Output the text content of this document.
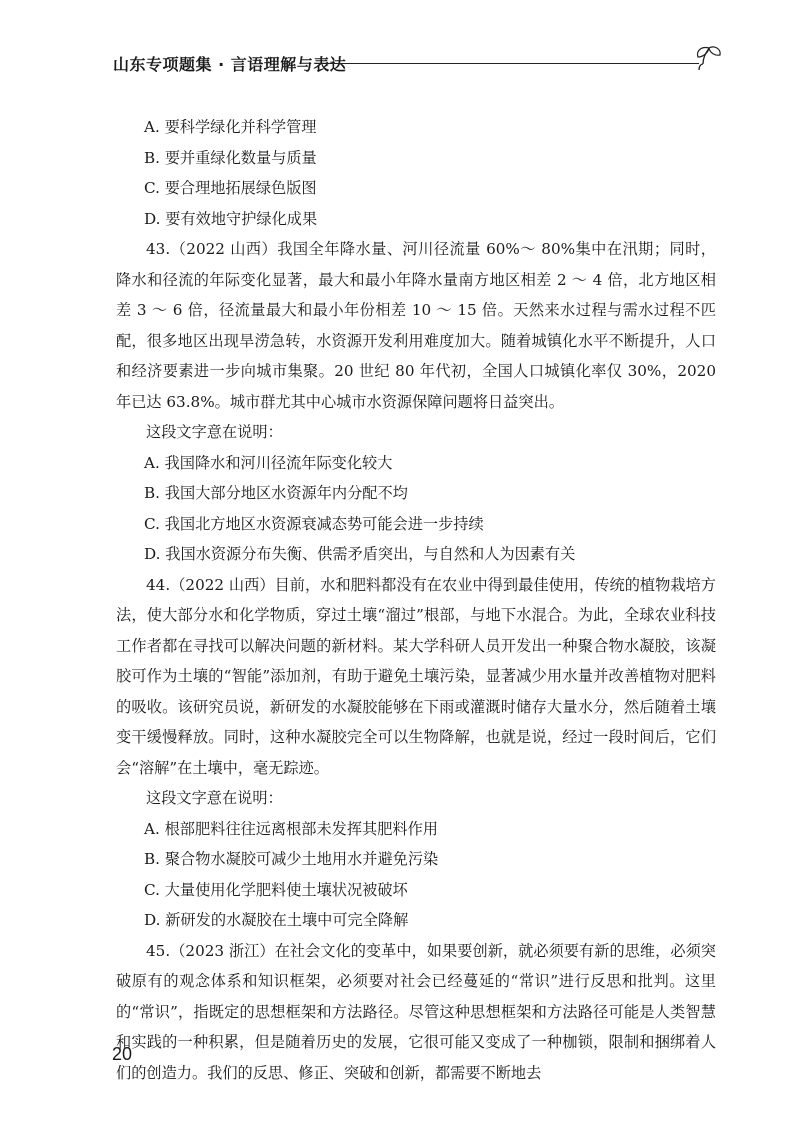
山东专项题集 · 言语理解与表达

A. 要科学绿化并科学管理

B. 要并重绿化数量与质量

C. 要合理地拓展绿色版图

D. 要有效地守护绿化成果

43.（2022 山西）我国全年降水量、河川径流量 60%～ 80%集中在汛期；同时，降水和径流的年际变化显著，最大和最小年降水量南方地区相差 2 ～ 4 倍，北方地区相差 3 ～ 6 倍，径流量最大和最小年份相差 10 ～ 15 倍。天然来水过程与需水过程不匹配，很多地区出现旱涝急转，水资源开发利用难度加大。随着城镇化水平不断提升，人口和经济要素进一步向城市集聚。20 世纪 80 年代初，全国人口城镇化率仅 30%，2020 年已达 63.8%。城市群尤其中心城市水资源保障问题将日益突出。

这段文字意在说明：

A. 我国降水和河川径流年际变化较大

B. 我国大部分地区水资源年内分配不均

C. 我国北方地区水资源衰减态势可能会进一步持续

D. 我国水资源分布失衡、供需矛盾突出，与自然和人为因素有关

44.（2022 山西）目前，水和肥料都没有在农业中得到最佳使用，传统的植物栽培方法，使大部分水和化学物质，穿过土壤“溜过”根部，与地下水混合。为此，全球农业科技工作者都在寻找可以解决问题的新材料。某大学科研人员开发出一种聚合物水凝胶，该凝胶可作为土壤的“智能”添加剂，有助于避免土壤污染，显著减少用水量并改善植物对肥料的吸收。该研究员说，新研发的水凝胶能够在下雨或灌溉时储存大量水分，然后随着土壤变干缓慢释放。同时，这种水凝胶完全可以生物降解，也就是说，经过一段时间后，它们会“溶解”在土壤中，毫无踪迹。

这段文字意在说明：

A. 根部肥料往往远离根部未发挥其肥料作用

B. 聚合物水凝胶可减少土地用水并避免污染

C. 大量使用化学肥料使土壤状况被破坏

D. 新研发的水凝胶在土壤中可完全降解

45.（2023 浙江）在社会文化的变革中，如果要创新，就必须要有新的思维，必须突破原有的观念体系和知识框架，必须要对社会已经蔓延的“常识”进行反思和批判。这里的“常识”，指既定的思想框架和方法路径。尽管这种思想框架和方法路径可能是人类智慧和实践的一种积累，但是随着历史的发展，它很可能又变成了一种枷锁，限制和捆绑着人们的创造力。我们的反思、修正、突破和创新，都需要不断地去

20
